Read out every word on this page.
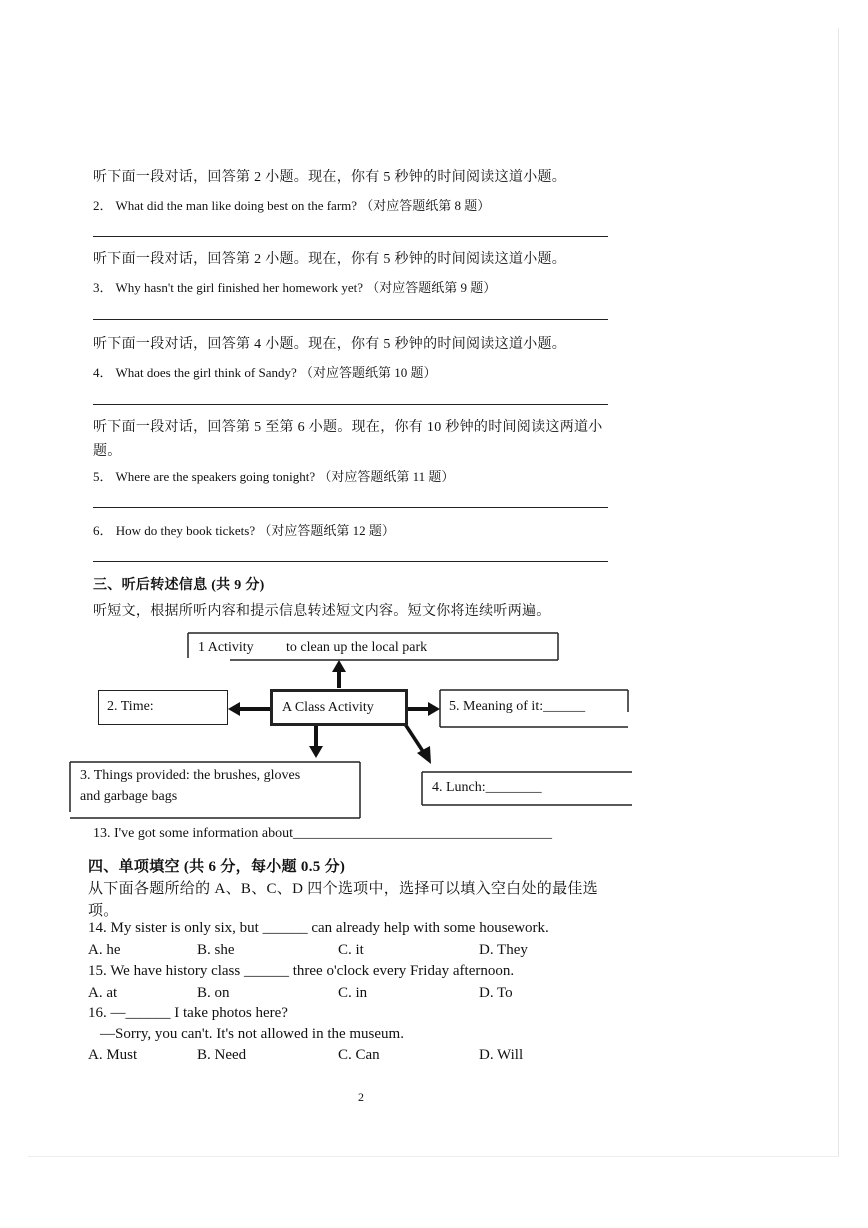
听下面一段对话，回答第 2 小题。现在，你有 5 秒钟的时间阅读这道小题。
2． What did the man like doing best on the farm? （对应答题纸第 8 题）
听下面一段对话，回答第 2 小题。现在，你有 5 秒钟的时间阅读这道小题。
3． Why hasn't the girl finished her homework yet? （对应答题纸第 9 题）
听下面一段对话，回答第 4 小题。现在，你有 5 秒钟的时间阅读这道小题。
4． What does the girl think of Sandy? （对应答题纸第 10 题）
听下面一段对话，回答第 5 至第 6 小题。现在，你有 10 秒钟的时间阅读这两道小
题。
5． Where are the speakers going tonight? （对应答题纸第 11 题）
6． How do they book tickets? （对应答题纸第 12 题）
三、听后转述信息 (共 9 分)
听短文，根据所听内容和提示信息转述短文内容。短文你将连续听两遍。
1 Activity to clean up the local park
2. Time:	A Class Activity	5. Meaning of it:______
3. Things provided: the brushes, gloves
and garbage bags
4. Lunch:________
13. I've got some information about_____________________________________
四、单项填空 (共 6 分，每小题 0.5 分)
从下面各题所给的 A、B、C、D 四个选项中，选择可以填入空白处的最佳选
项。
14. My sister is only six, but ______ can already help with some housework.
A. he	B. she	C. it	D. They
15. We have history class ______ three o'clock every Friday afternoon.
A. at	B. on	C. in	D. To
16. —______ I take photos here?
—Sorry, you can't. It's not allowed in the museum.
A. Must	B. Need	C. Can	D. Will
2
